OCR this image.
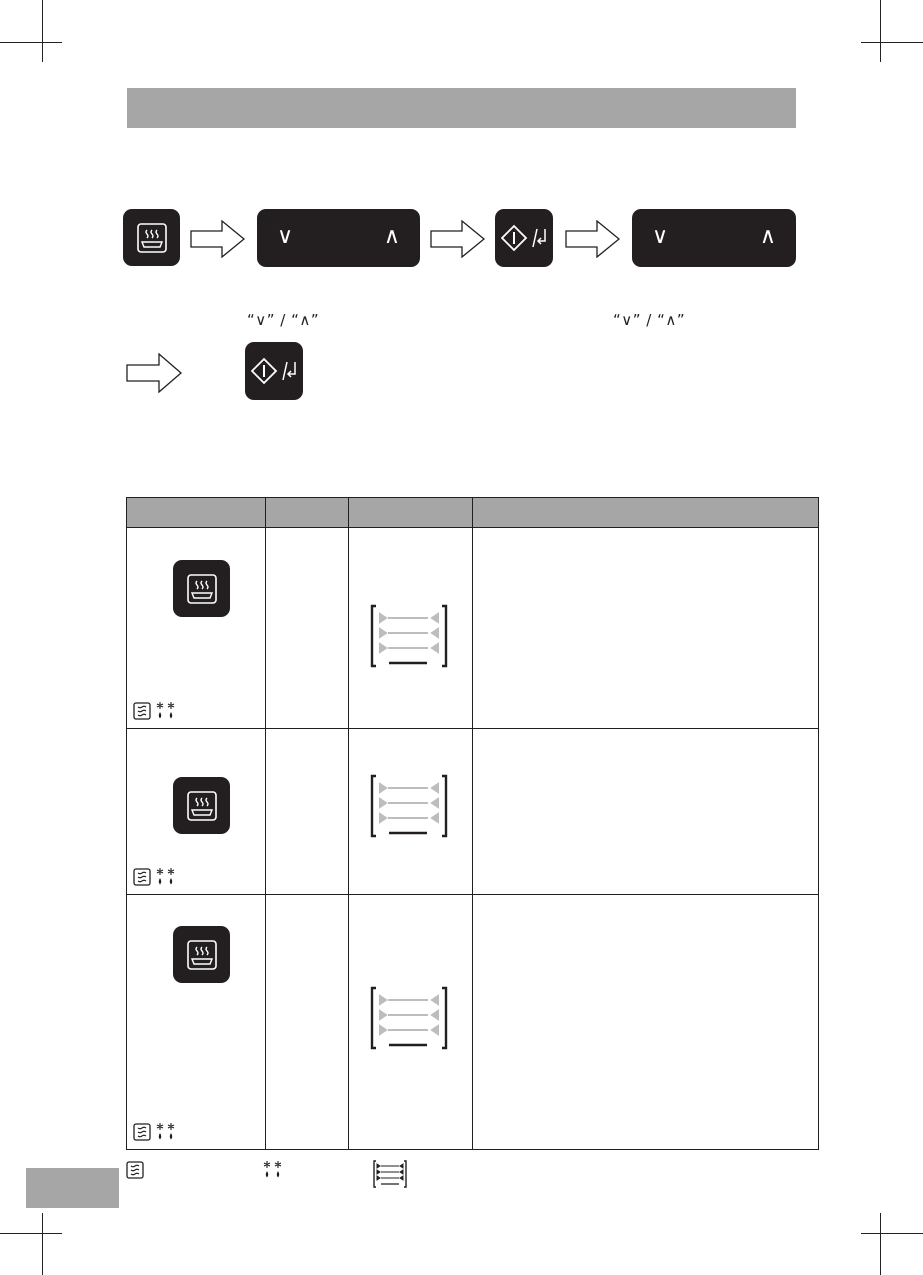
∨	∧	∨	∧
“∨” / “∧”	“∨” / “∧”
